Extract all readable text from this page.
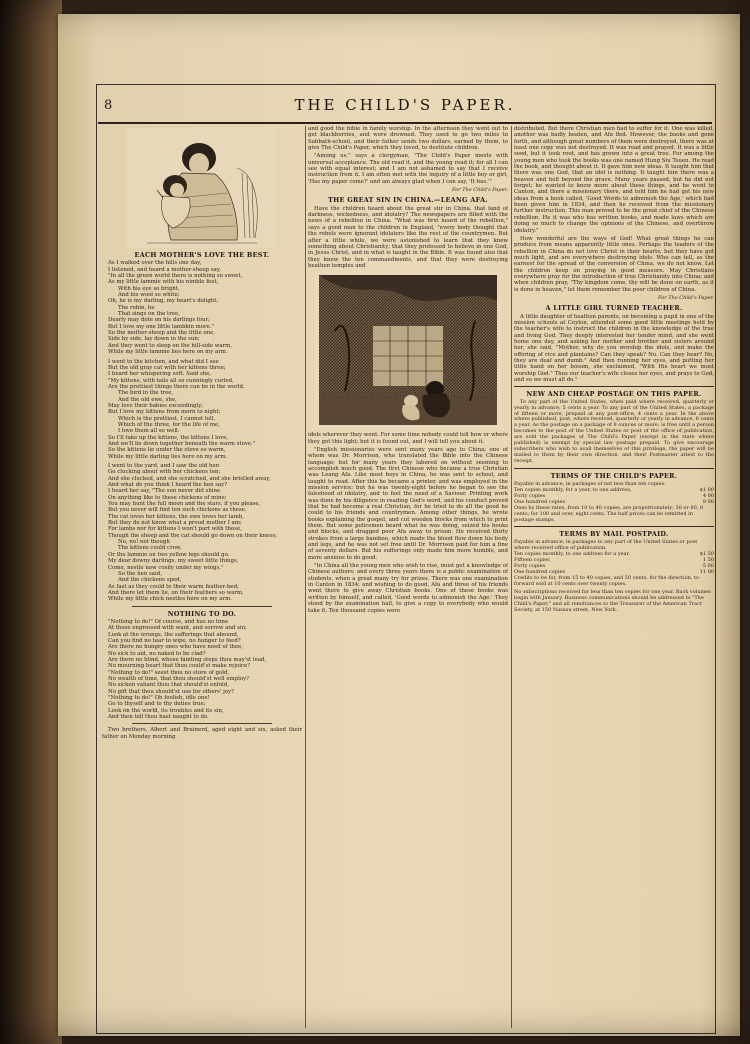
THE CHILD'S PAPER.
8
EACH MOTHER'S LOVE THE BEST.
As I walked over the hills one day,
I listened, and heard a mother-sheep say,
"In all the green world there is nothing so sweet,
As my little lammie with his nimble feet,
With his eye so bright,
And his wool so white;
Oh, he is my darling, my heart's delight.
The robin, he
That sings on the tree,
Dearly may dote on his darlings four;
But I love my one little lambkin more."
So the mother-sheep and the little one,
Side by side, lay down in the sun;
And they went to sleep on the hill-side warm,
While my little lammie lies here on my arm.
I went to the kitchen, and what did I see
But the old gray cat with her kittens three;
I heard her whispering soft. Said she,
"My kittens, with tails all so cunningly curled,
Are the prettiest things there can be in the world.
The bird in the tree,
And the old ewe, she,
May love their babies exceedingly;
But I love my kittens from morn to night;
Which is the prettiest, I cannot tell,
Which of the three, for the life of me,
I love them all so well.
So I'll take up the kittens, the kittens I love,
And we'll lie down together beneath the warm stove."
So the kittens lie under the stove so warm,
While my little darling lies here on my arm.
I went to the yard, and I saw the old hen
Go clucking about with her chickens ten;
And she clucked, and she scratched, and she bristled away,
And what do you think I heard the hen say?
I heard her say, "The sun never did shine
On anything like to these chickens of mine;
You may hunt the full moon and the stars, if you please,
But you never will find ten such chickens as these.
The cat loves her kittens, the ewe loves her lamb,
But they do not know what a proud mother I am;
For lambs nor for kittens I won't part with these,
Though the sheep and the cat should go down on their knees;
No, no! not though
The kittens could crow,
Or the lammie on two yellow legs should go.
My dear downy darlings, my sweet little things,
Come, nestle now cosily under my wings."
So the hen said,
And the chickens sped,
As fast as they could to their warm feather-bed;
And there let them lie, on their feathers so warm,
While my little chick nestles here on my arm.
NOTHING TO DO.
"Nothing to do!" Of course, and has no time
At those engrossed with want, and sorrow and sin;
Look at the wrongs, the sufferings that abound,
Can you find no tear to wipe, no hunger to feed?
Are there no hungry ones who have need of thee,
No sick to aid, no naked to be clad?
Are there no blind, whose fainting steps thou may'st lead,
No mourning heart that thou could'st make rejoice?
"Nothing to do!" seest thou no store of gold,
No wealth of time, that thou should'st well employ?
No sicken valiant thou that should'st enfold,
No gift that thou should'st use for others' joy?
"Nothing to do!" Oh foolish, idle one!
Go to thyself and to thy duties true;
Look on the world, its troubles and its sin,
And then tell thou hast naught to do.

Two brothers, Albert and Brainerd, aged eight and six, asked their father on Monday morning

and good the bible in family worship. In the afternoon they went out to get blackberries, and were drowned. They used to go two miles to Sabbath-school, and their father sends two dollars, earned by them, to give The Child's Paper, which they loved, to destitute children.

"Among us," says a clergyman, "The Child's Paper meets with universal acceptance. The old read it, and the young read it; for all I can see with equal interest; and I am not ashamed to say that I receive instruction from it. I am often met with the inquiry of a little boy or girl, 'Has my paper come?' and am always glad when I can say, 'It has.'"

For The Child's Paper.
THE GREAT SIN IN CHINA.—LEANG AFA.

Have the children heard about the great stir in China, that land of darkness, wickedness, and idolatry? The newspapers are filled with the news of a rebellion in China. "What was first heard of the rebellion," says a good man to the children in England, "every body thought that the rebels were ignorant idolaters like the rest of the countrymen. But after a little while, we were astonished to learn that they knew something about Christianity; that they professed to believe in one God, in Jesus Christ, and in what is taught in the Bible. It was found also that they knew the ten commandments, and that they were destroying heathen temples and

idols wherever they went. For some time nobody could tell how or where they got this light; but it is found out, and I will tell you about it.

"English missionaries were sent many years ago to China; one of whom was Dr. Morrison, who translated the Bible into the Chinese language; but for many years they labored on without seeming to accomplish much good. The first Chinese who became a true Christian was Leang Afa. Like most boys in China, he was sent to school, and taught to read. After this he became a printer, and was employed in the mission service; but he was twenty-eight before he began to see the falsehood of idolatry, and to feel the need of a Saviour. Printing work was done by his diligence in reading God's word, and his conduct proved that he had become a real Christian, for he tried to do all the good he could to his friends and countrymen. Among other things, he wrote books explaining the gospel, and cut wooden blocks from which to print them. But some policemen heard what he was doing, seized his books and blocks, and dragged poor Afa away to prison. He received thirty strokes from a large bamboo, which made the blood flow down his body and legs, and he was not set free until Dr. Morrison paid for him a fine of seventy dollars. But his sufferings only made him more humble, and more anxious to do good.

"In China all the young men who wish to rise, must get a knowledge of Chinese authors; and every three years there is a public examination of students, when a great many try for prizes. There was one examination in Canton in 1834; and wishing to do good, Afa and three of his friends went there to give away Christian books. One of these books was written by himself, and called, 'Good words to admonish the Age.' They stood by the examination hall, to give a copy to everybody who would take it. Ten thousand copies were

distributed. But there Christian men had to suffer for it. One was killed, another was badly beaten, and Afa fled. However, the books and gone forth, and although great numbers of them were destroyed, there was at least one copy was not destroyed. It was read and prayed. It was a little seed, but it took root, and has grown into a great tree. For among the young men who took the books was one named Hung Siu Tsuen. He read the book, and thought about it. It gave him new ideas. It taught him that there was one God, that an idol is nothing. It taught him there was a heaven and hell beyond the grave. Many years passed, but he did not forget; he wanted to know more about these things, and he went to Canton, and there a missionary there, and told him he had got his new ideas from a book called, 'Good Words to admonish the Age,' which had been given him in 1834, and then he received from the missionary further instruction. This man proved to be the great chief of the Chinese rebellion. He it was who has written books, and made laws which are doing so much to change the opinions of the Chinese, and overthrow idolatry."

How wonderful are the ways of God! What great things he can produce from means apparently little ones. Perhaps the leaders of the rebellion in China do not love Christ in their hearts; but they have got much light, and are everywhere destroying idols. Who can tell, as the earnest for the spread of the conversion of China, we do not know. Let the children keep on praying in good measure. May Christians everywhere pray for the introduction of true Christianity into China; and when children pray, "Thy kingdom come, thy will be done on earth, as it is done in heaven," let them remember the poor children of China.

For The Child's Paper.
A LITTLE GIRL TURNED TEACHER.

A little daughter of heathen parents, on becoming a pupil in one of the mission schools at Ceylon, attended some good little meetings held by the teacher's wife to instruct the children in the knowledge of the true and living God. They deeply interested her tender mind, and she went home one day, and asking her mother and brother and sisters around her, she said, "Mother, why do you worship the idols, and make the offering of rice and plantains? Can they speak? No. Can they hear? No, they are deaf and dumb." And then running her eyes, and putting her little hand on her bosom, she exclaimed, "With His heart we must worship God." Thus our teacher's wife closes her eyes, and prays to God, and so we must all do."

NEW AND CHEAP POSTAGE ON THIS PAPER.

To any part of the United States, when paid where received, quarterly or yearly in advance, 5 cents a year. To any part of the United States, a package of fifteen or more, prepaid at any post-office, 4 cents a year. In the above where published, post, where received, quarterly or yearly in advance, 6 cents a year. As the postage on a package of 8 ounces or more, is free until a person becomes to the post of the United States or post of the office of publication, are sold the packages of The Child's Paper (except in the state where published) is exempt by special law postage prepaid. To give encourage subscribers who wish to avail themselves of this privilege, the paper will be mailed to them by their own direction, and their Postmaster attest to the receipt.

TERMS OF THE CHILD'S PAPER.
Payable in advance, in packages of not less than ten copies.
Ten copies monthly, for a year, to one address,	$1 00
Forty copies	4 00
One hundred copies	8 00
Ones by these rates, from 10 to 40 copies, are proportionately; 50 or 80, 8 cents; for 100 and over, eight cents. The half prices can be remitted in postage stamps.
TERMS BY MAIL POSTPAID.
Payable in advance, in packages to any part of the United States or post where received office of publication.
Ten copies monthly, to one address for a year,	$1 50
Fifteen copies	1 50
Forty copies	5 00
One hundred copies	11 00
Credits to be for, from 15 to 40 copies, and 50 cents, for the direction, to forward sold at 10 cents over twenty copies.
No subscriptions received for less than ten copies for one year. Back volumes begin with January. Business communications should be addressed to "The Child's Paper," and all remittances to the Treasurer of the American Tract Society, at 150 Nassau street, New York.
